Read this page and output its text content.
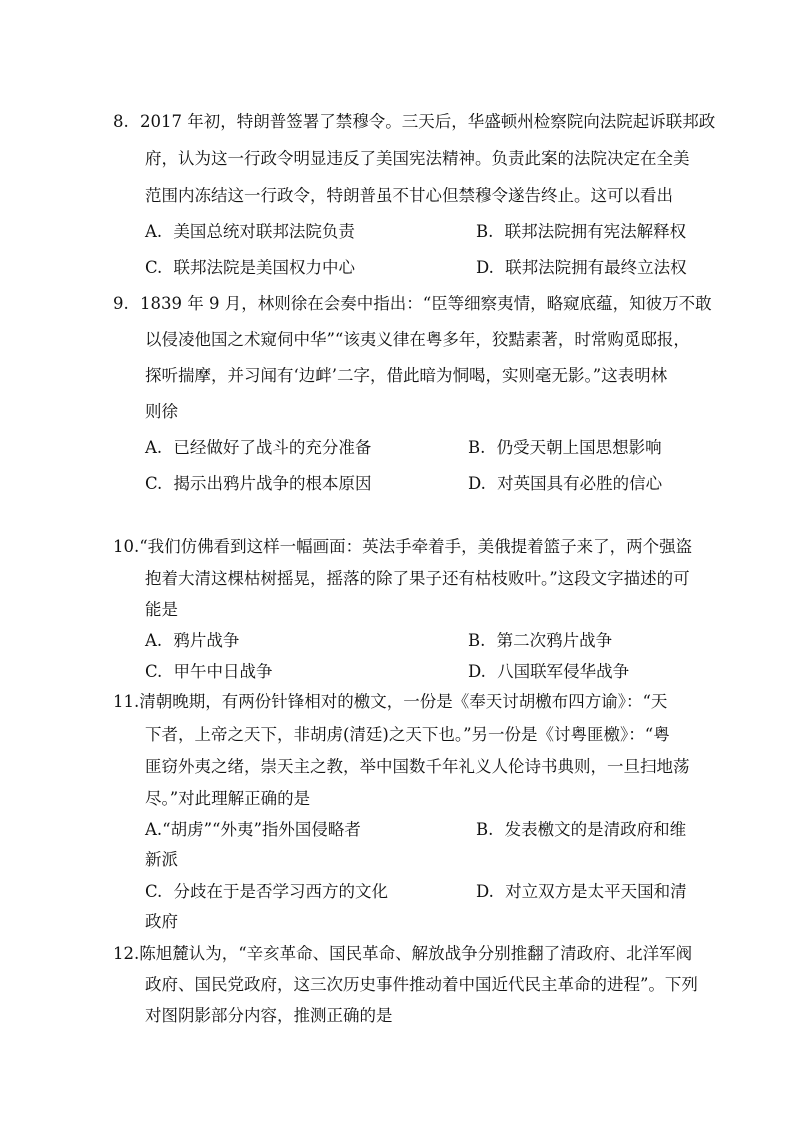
8. 2017 年初，特朗普签署了禁穆令。三天后，华盛顿州检察院向法院起诉联邦政
府，认为这一行政令明显违反了美国宪法精神。负责此案的法院决定在全美
范围内冻结这一行政令，特朗普虽不甘心但禁穆令遂告终止。这可以看出
A. 美国总统对联邦法院负责	B. 联邦法院拥有宪法解释权
C. 联邦法院是美国权力中心	D. 联邦法院拥有最终立法权
9. 1839 年 9 月，林则徐在会奏中指出：“臣等细察夷情，略窥底蕴，知彼万不敢
以侵凌他国之术窥伺中华”“该夷义律在粤多年，狡黠素著，时常购觅邸报，
探听揣摩，并习闻有‘边衅’二字，借此暗为恫喝，实则毫无影。”这表明林
则徐
A. 已经做好了战斗的充分准备	B. 仍受天朝上国思想影响
C. 揭示出鸦片战争的根本原因	D. 对英国具有必胜的信心
10.“我们仿佛看到这样一幅画面：英法手牵着手，美俄提着篮子来了，两个强盗
抱着大清这棵枯树摇晃，摇落的除了果子还有枯枝败叶。”这段文字描述的可
能是
A. 鸦片战争	B. 第二次鸦片战争
C. 甲午中日战争	D. 八国联军侵华战争
11.清朝晚期，有两份针锋相对的檄文，一份是《奉天讨胡檄布四方谕》：“天
下者，上帝之天下，非胡虏(清廷)之天下也。”另一份是《讨粤匪檄》：“粤
匪窃外夷之绪，崇天主之教，举中国数千年礼义人伦诗书典则，一旦扫地荡
尽。”对此理解正确的是
A.“胡虏”“外夷”指外国侵略者	B. 发表檄文的是清政府和维
新派
C. 分歧在于是否学习西方的文化	D. 对立双方是太平天国和清
政府
12.陈旭麓认为，“辛亥革命、国民革命、解放战争分别推翻了清政府、北洋军阀
政府、国民党政府，这三次历史事件推动着中国近代民主革命的进程”。下列
对图阴影部分内容，推测正确的是
